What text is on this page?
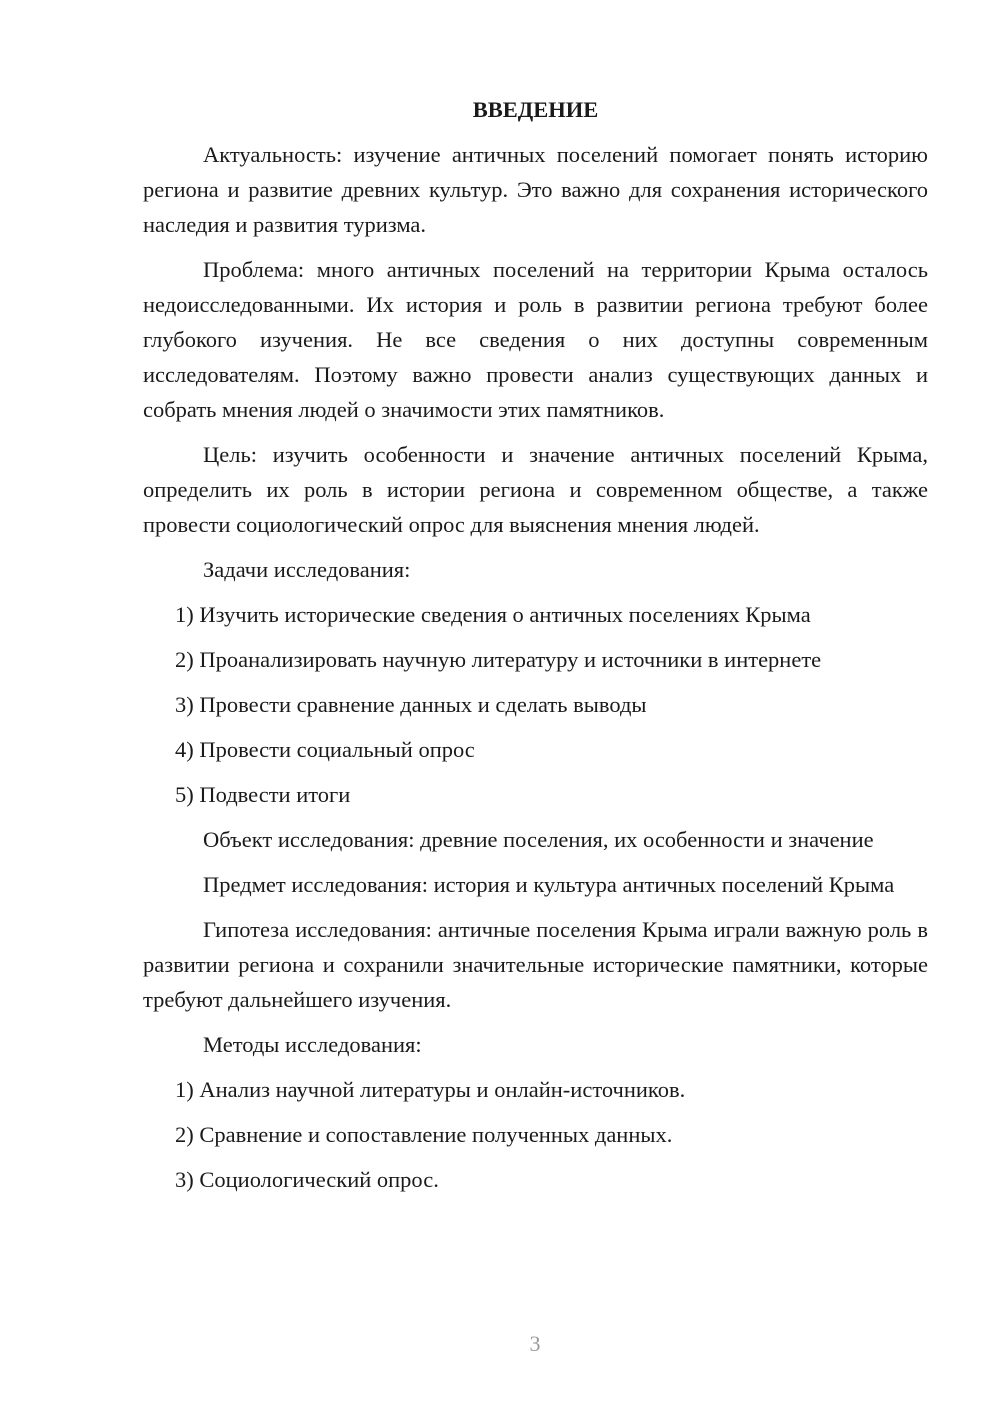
ВВЕДЕНИЕ
Актуальность: изучение античных поселений помогает понять историю региона и развитие древних культур. Это важно для сохранения исторического наследия и развития туризма.
Проблема: много античных поселений на территории Крыма осталось недоисследованными. Их история и роль в развитии региона требуют более глубокого изучения. Не все сведения о них доступны современным исследователям. Поэтому важно провести анализ существующих данных и собрать мнения людей о значимости этих памятников.
Цель: изучить особенности и значение античных поселений Крыма, определить их роль в истории региона и современном обществе, а также провести социологический опрос для выяснения мнения людей.
Задачи исследования:
1) Изучить исторические сведения о античных поселениях Крыма
2) Проанализировать научную литературу и источники в интернете
3) Провести сравнение данных и сделать выводы
4) Провести социальный опрос
5) Подвести итоги
Объект исследования: древние поселения, их особенности и значение
Предмет исследования: история и культура античных поселений Крыма
Гипотеза исследования: античные поселения Крыма играли важную роль в развитии региона и сохранили значительные исторические памятники, которые требуют дальнейшего изучения.
Методы исследования:
1) Анализ научной литературы и онлайн-источников.
2) Сравнение и сопоставление полученных данных.
3) Социологический опрос.
3
